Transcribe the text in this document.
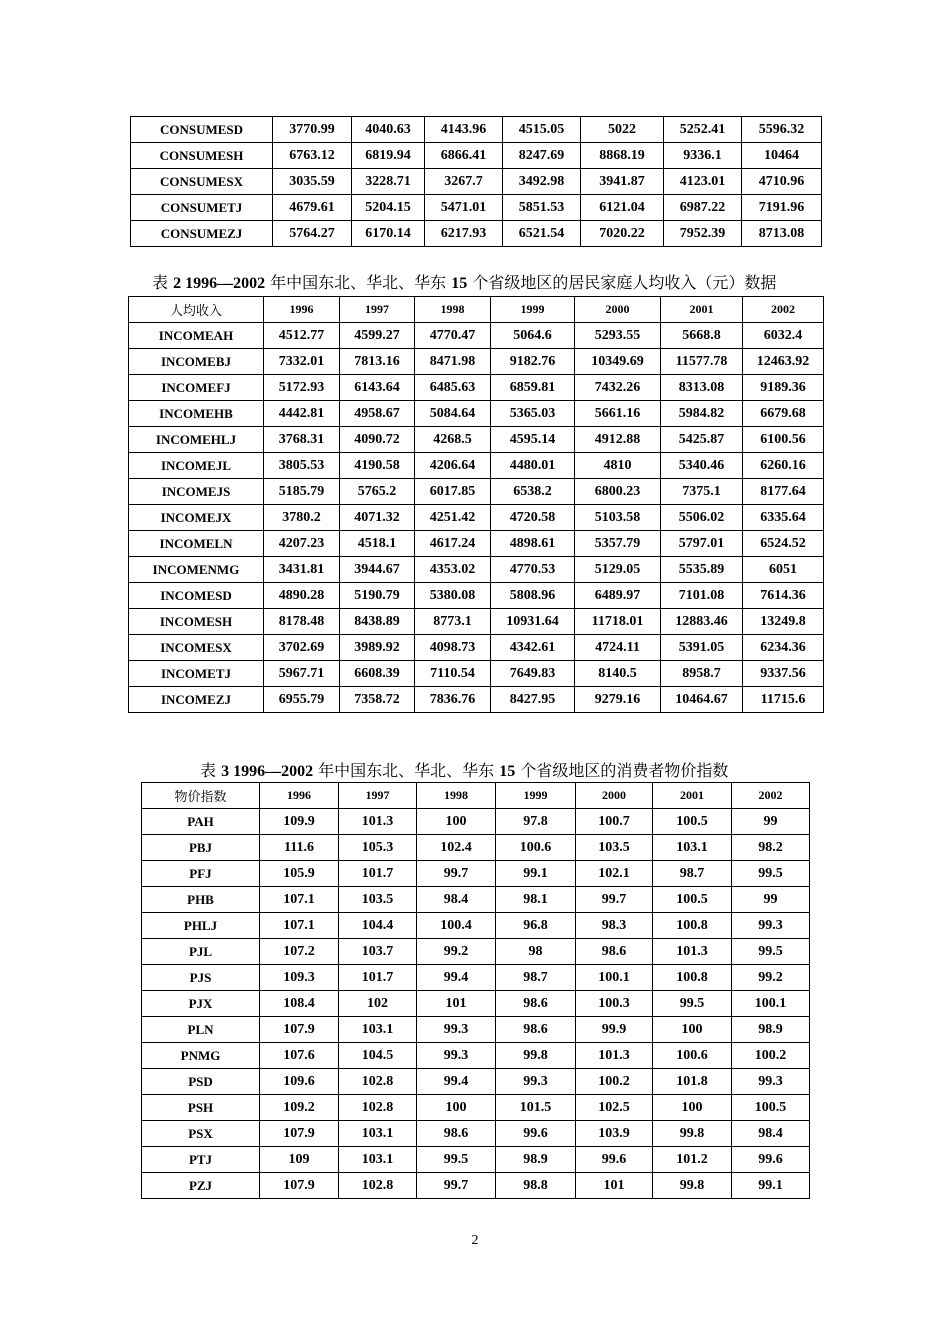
CONSUMESD	3770.99	4040.63	4143.96	4515.05	5022	5252.41	5596.32
CONSUMESH	6763.12	6819.94	6866.41	8247.69	8868.19	9336.1	10464
CONSUMESX	3035.59	3228.71	3267.7	3492.98	3941.87	4123.01	4710.96
CONSUMETJ	4679.61	5204.15	5471.01	5851.53	6121.04	6987.22	7191.96
CONSUMEZJ	5764.27	6170.14	6217.93	6521.54	7020.22	7952.39	8713.08
表 2 1996—2002 年中国东北、华北、华东 15 个省级地区的居民家庭人均收入（元）数据
人均收入	1996	1997	1998	1999	2000	2001	2002
INCOMEAH	4512.77	4599.27	4770.47	5064.6	5293.55	5668.8	6032.4
INCOMEBJ	7332.01	7813.16	8471.98	9182.76	10349.69	11577.78	12463.92
INCOMEFJ	5172.93	6143.64	6485.63	6859.81	7432.26	8313.08	9189.36
INCOMEHB	4442.81	4958.67	5084.64	5365.03	5661.16	5984.82	6679.68
INCOMEHLJ	3768.31	4090.72	4268.5	4595.14	4912.88	5425.87	6100.56
INCOMEJL	3805.53	4190.58	4206.64	4480.01	4810	5340.46	6260.16
INCOMEJS	5185.79	5765.2	6017.85	6538.2	6800.23	7375.1	8177.64
INCOMEJX	3780.2	4071.32	4251.42	4720.58	5103.58	5506.02	6335.64
INCOMELN	4207.23	4518.1	4617.24	4898.61	5357.79	5797.01	6524.52
INCOMENMG	3431.81	3944.67	4353.02	4770.53	5129.05	5535.89	6051
INCOMESD	4890.28	5190.79	5380.08	5808.96	6489.97	7101.08	7614.36
INCOMESH	8178.48	8438.89	8773.1	10931.64	11718.01	12883.46	13249.8
INCOMESX	3702.69	3989.92	4098.73	4342.61	4724.11	5391.05	6234.36
INCOMETJ	5967.71	6608.39	7110.54	7649.83	8140.5	8958.7	9337.56
INCOMEZJ	6955.79	7358.72	7836.76	8427.95	9279.16	10464.67	11715.6
表 3 1996—2002 年中国东北、华北、华东 15 个省级地区的消费者物价指数
物价指数	1996	1997	1998	1999	2000	2001	2002
PAH	109.9	101.3	100	97.8	100.7	100.5	99
PBJ	111.6	105.3	102.4	100.6	103.5	103.1	98.2
PFJ	105.9	101.7	99.7	99.1	102.1	98.7	99.5
PHB	107.1	103.5	98.4	98.1	99.7	100.5	99
PHLJ	107.1	104.4	100.4	96.8	98.3	100.8	99.3
PJL	107.2	103.7	99.2	98	98.6	101.3	99.5
PJS	109.3	101.7	99.4	98.7	100.1	100.8	99.2
PJX	108.4	102	101	98.6	100.3	99.5	100.1
PLN	107.9	103.1	99.3	98.6	99.9	100	98.9
PNMG	107.6	104.5	99.3	99.8	101.3	100.6	100.2
PSD	109.6	102.8	99.4	99.3	100.2	101.8	99.3
PSH	109.2	102.8	100	101.5	102.5	100	100.5
PSX	107.9	103.1	98.6	99.6	103.9	99.8	98.4
PTJ	109	103.1	99.5	98.9	99.6	101.2	99.6
PZJ	107.9	102.8	99.7	98.8	101	99.8	99.1
2
